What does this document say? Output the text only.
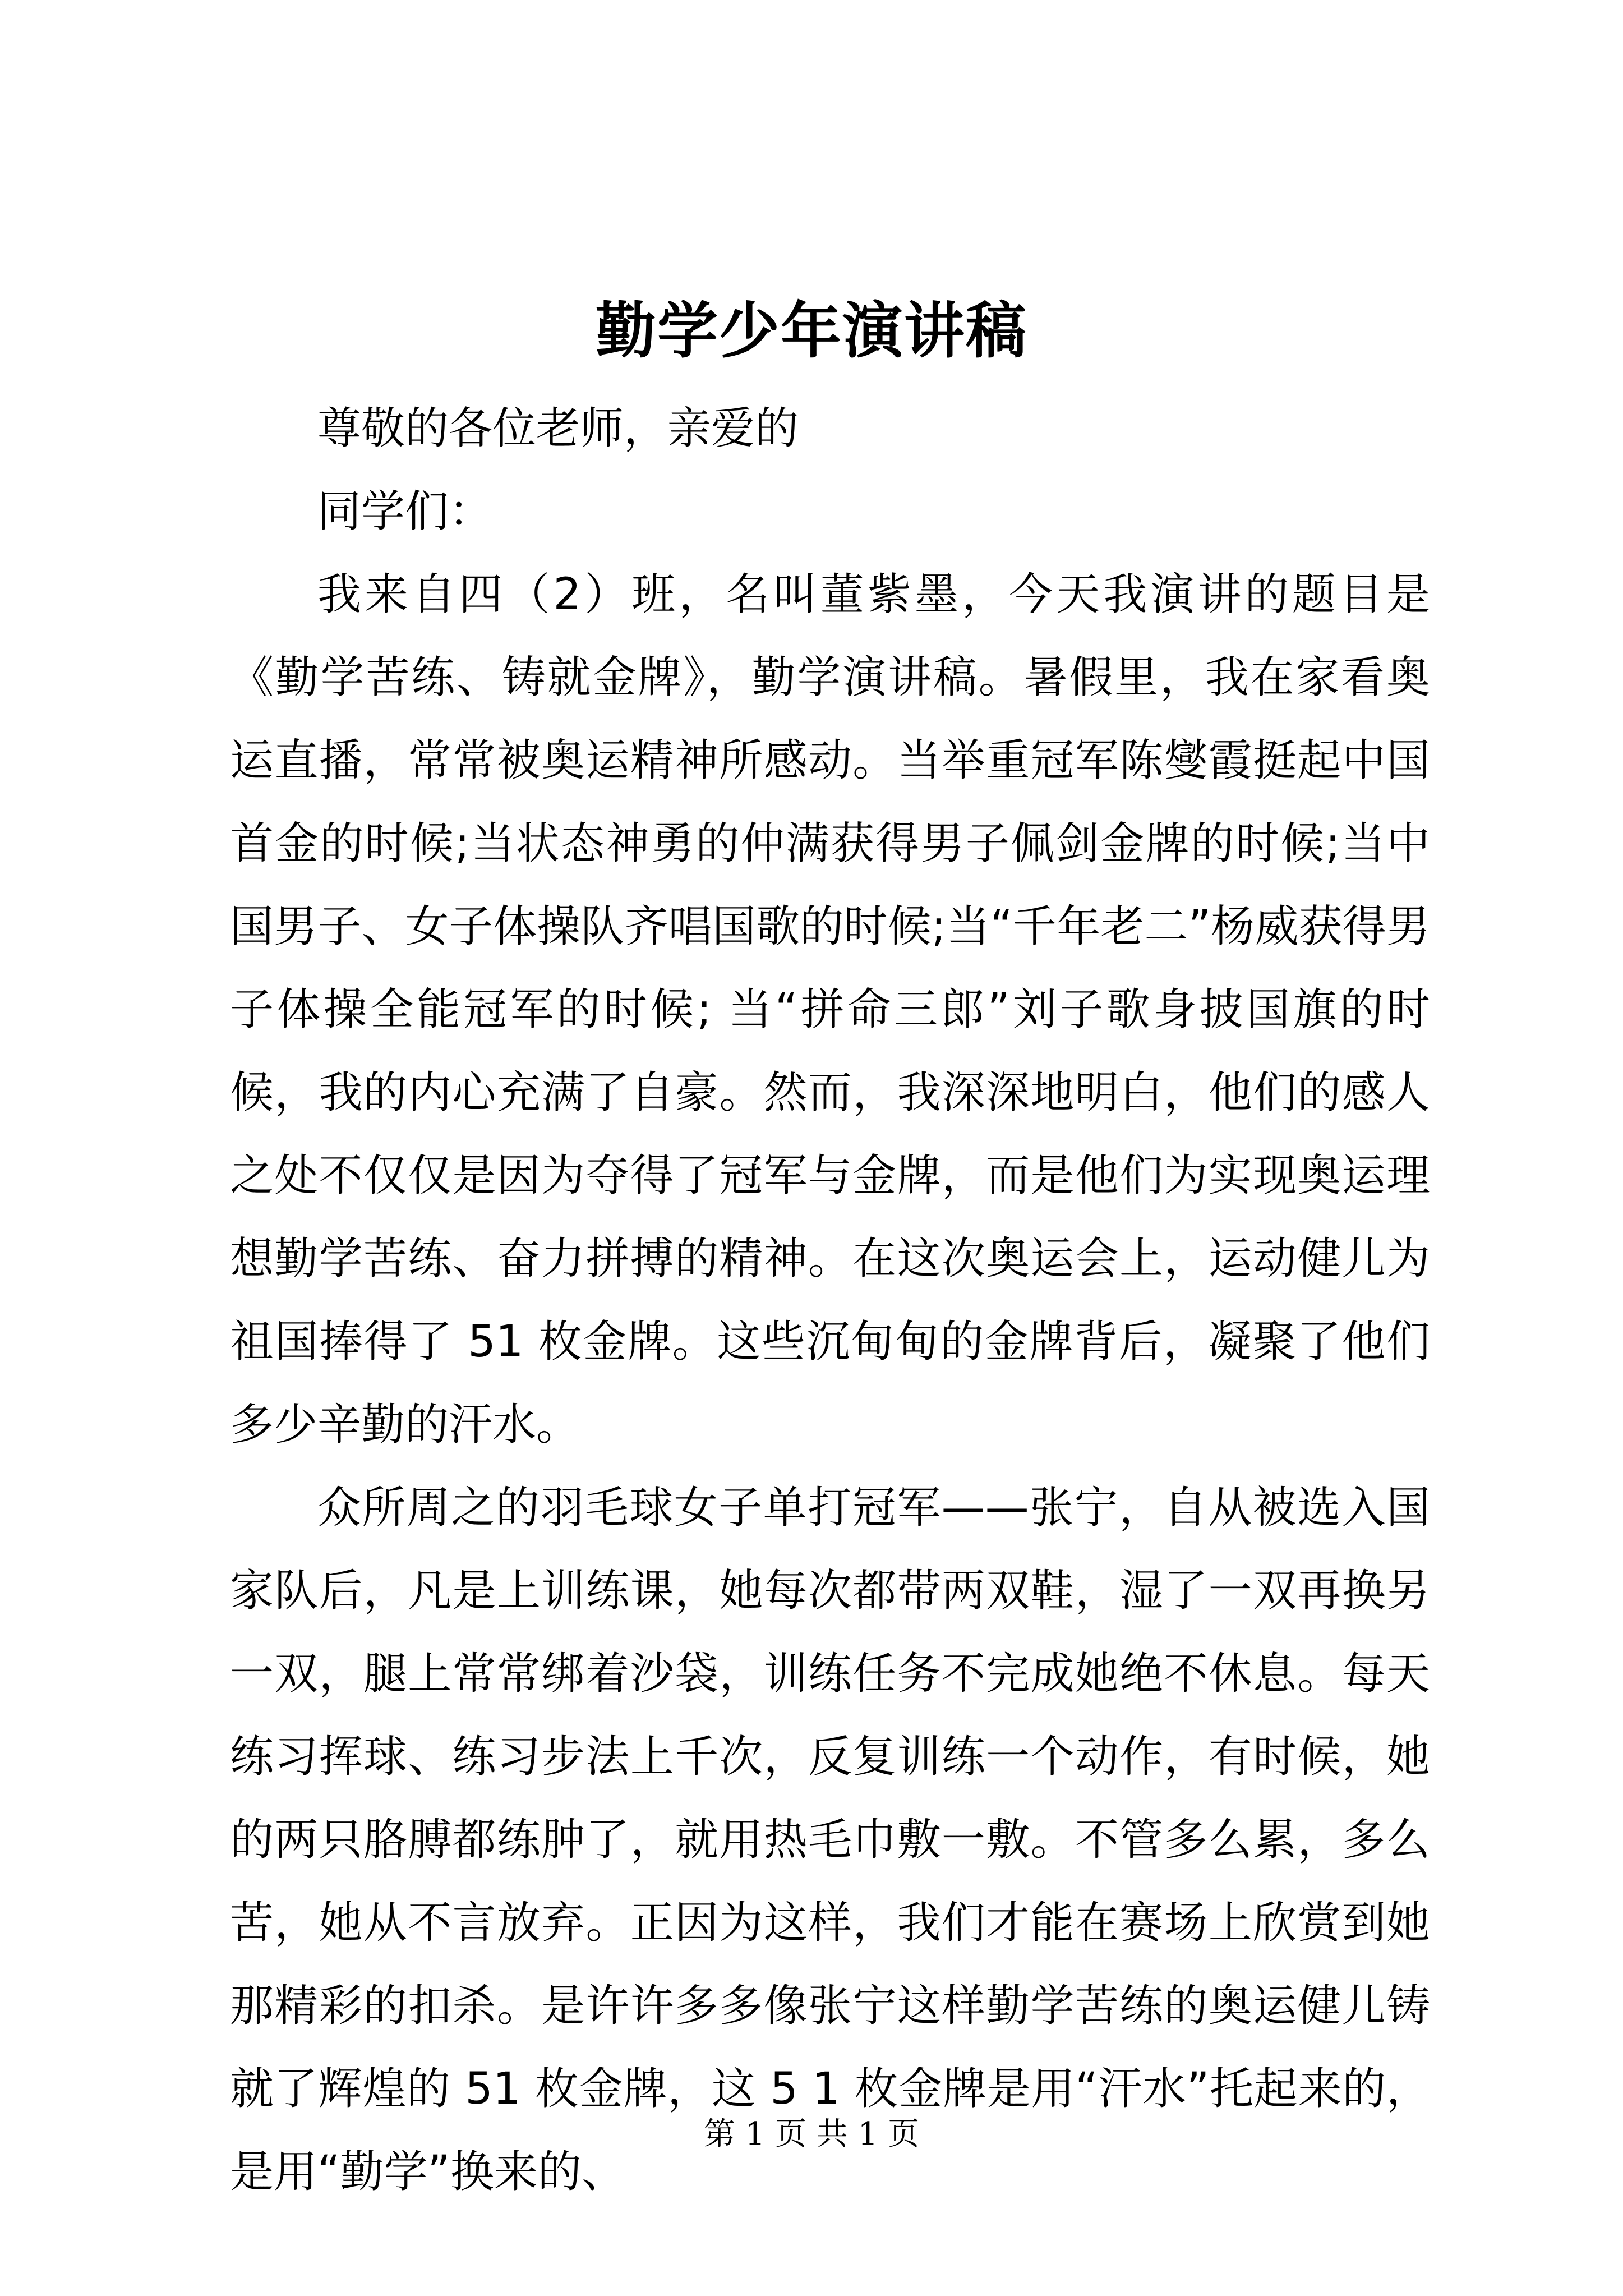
勤学少年演讲稿

尊敬的各位老师，亲爱的

同学们：

我来自四（2）班，名叫董紫墨，今天我演讲的题目是《勤学苦练、铸就金牌》，勤学演讲稿。暑假里，我在家看奥运直播，常常被奥运精神所感动。当举重冠军陈燮霞挺起中国首金的时候;当状态神勇的仲满获得男子佩剑金牌的时候;当中国男子、女子体操队齐唱国歌的时候;当“千年老二”杨威获得男子体操全能冠军的时候; 当“拼命三郎”刘子歌身披国旗的时候，我的内心充满了自豪。然而，我深深地明白，他们的感人之处不仅仅是因为夺得了冠军与金牌，而是他们为实现奥运理想勤学苦练、奋力拼搏的精神。在这次奥运会上，运动健儿为祖国捧得了 51 枚金牌。这些沉甸甸的金牌背后，凝聚了他们多少辛勤的汗水。

众所周之的羽毛球女子单打冠军——张宁，自从被选入国家队后，凡是上训练课，她每次都带两双鞋，湿了一双再换另一双，腿上常常绑着沙袋，训练任务不完成她绝不休息。每天练习挥球、练习步法上千次，反复训练一个动作，有时候，她的两只胳膊都练肿了，就用热毛巾敷一敷。不管多么累，多么苦，她从不言放弃。正因为这样，我们才能在赛场上欣赏到她那精彩的扣杀。是许许多多像张宁这样勤学苦练的奥运健儿铸就了辉煌的 51 枚金牌，这 5 1 枚金牌是用“汗水”托起来的，是用“勤学”换来的、

第 1 页 共 1 页
